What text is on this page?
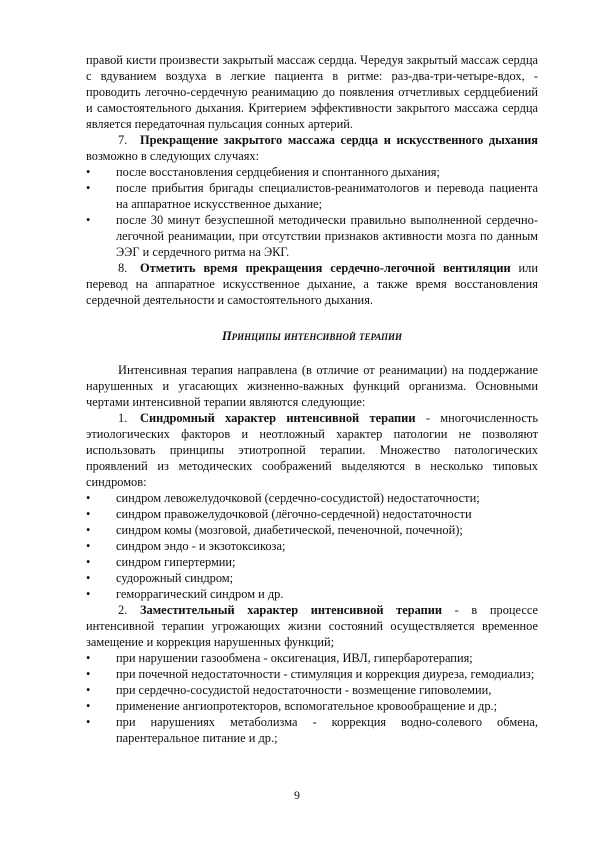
правой кисти произвести закрытый массаж сердца. Чередуя закрытый массаж сердца с вдуванием воздуха в легкие пациента в ритме: раз-два-три-четыре-вдох, - проводить легочно-сердечную реанимацию до появления отчетливых сердцебиений и самостоятельного дыхания. Критерием эффективности закрытого массажа сердца является передаточная пульсация сонных артерий.

7. Прекращение закрытого массажа сердца и искусственного дыхания возможно в следующих случаях:

• после восстановления сердцебиения и спонтанного дыхания;
• после прибытия бригады специалистов-реаниматологов и перевода пациента на аппаратное искусственное дыхание;
• после 30 минут безуспешной методически правильно выполненной сердечно-легочной реанимации, при отсутствии признаков активности мозга по данным ЭЭГ и сердечного ритма на ЭКГ.

8. Отметить время прекращения сердечно-легочной вентиляции или перевод на аппаратное искусственное дыхание, а также время восстановления сердечной деятельности и самостоятельного дыхания.

Принципы интенсивной терапии

Интенсивная терапия направлена (в отличие от реанимации) на поддержание нарушенных и угасающих жизненно-важных функций организма. Основными чертами интенсивной терапии являются следующие:

1. Синдромный характер интенсивной терапии - многочисленность этиологических факторов и неотложный характер патологии не позволяют использовать принципы этиотропной терапии. Множество патологических проявлений из методических соображений выделяются в несколько типовых синдромов:

• синдром левожелудочковой (сердечно-сосудистой) недостаточности;
• синдром правожелудочковой (лёгочно-сердечной) недостаточности
• синдром комы (мозговой, диабетической, печеночной, почечной);
• синдром эндо - и экзотоксикоза;
• синдром гипертермии;
• судорожный синдром;
• геморрагический синдром и др.

2. Заместительный характер интенсивной терапии - в процессе интенсивной терапии угрожающих жизни состояний осуществляется временное замещение и коррекция нарушенных функций;

• при нарушении газообмена - оксигенация, ИВЛ, гипербаротерапия;
• при почечной недостаточности - стимуляция и коррекция диуреза, гемодиализ;
• при сердечно-сосудистой недостаточности - возмещение гиповолемии,
• применение ангиопротекторов, вспомогательное кровообращение и др.;
• при нарушениях метаболизма - коррекция водно-солевого обмена, парентеральное питание и др.;
9
